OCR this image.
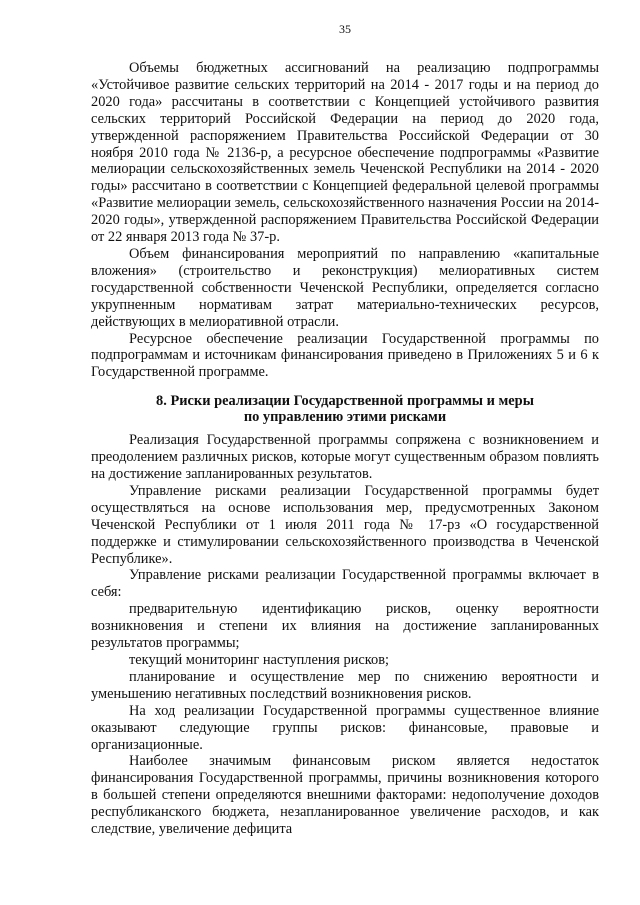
35

Объемы бюджетных ассигнований на реализацию подпрограммы «Устойчивое развитие сельских территорий на 2014 - 2017 годы и на период до 2020 года» рассчитаны в соответствии с Концепцией устойчивого развития сельских территорий Российской Федерации на период до 2020 года, утвержденной распоряжением Правительства Российской Федерации от 30 ноября 2010 года № 2136-р, а ресурсное обеспечение подпрограммы «Развитие мелиорации сельскохозяйственных земель Чеченской Республики на 2014 - 2020 годы» рассчитано в соответствии с Концепцией федеральной целевой программы «Развитие мелиорации земель, сельскохозяйственного назначения России на 2014-2020 годы», утвержденной распоряжением Правительства Российской Федерации от 22 января 2013 года № 37-р.

Объем финансирования мероприятий по направлению «капитальные вложения» (строительство и реконструкция) мелиоративных систем государственной собственности Чеченской Республики, определяется согласно укрупненным нормативам затрат материально-технических ресурсов, действующих в мелиоративной отрасли.

Ресурсное обеспечение реализации Государственной программы по подпрограммам и источникам финансирования приведено в Приложениях 5 и 6 к Государственной программе.

8. Риски реализации Государственной программы и меры
по управлению этими рисками

Реализация Государственной программы сопряжена с возникновением и преодолением различных рисков, которые могут существенным образом повлиять на достижение запланированных результатов.

Управление рисками реализации Государственной программы будет осуществляться на основе использования мер, предусмотренных Законом Чеченской Республики от 1 июля 2011 года № 17-рз «О государственной поддержке и стимулировании сельскохозяйственного производства в Чеченской Республике».

Управление рисками реализации Государственной программы включает в себя:

предварительную идентификацию рисков, оценку вероятности возникновения и степени их влияния на достижение запланированных результатов программы;

текущий мониторинг наступления рисков;

планирование и осуществление мер по снижению вероятности и уменьшению негативных последствий возникновения рисков.

На ход реализации Государственной программы существенное влияние оказывают следующие группы рисков: финансовые, правовые и организационные.

Наиболее значимым финансовым риском является недостаток финансирования Государственной программы, причины возникновения которого в большей степени определяются внешними факторами: недополучение доходов республиканского бюджета, незапланированное увеличение расходов, и как следствие, увеличение дефицита
